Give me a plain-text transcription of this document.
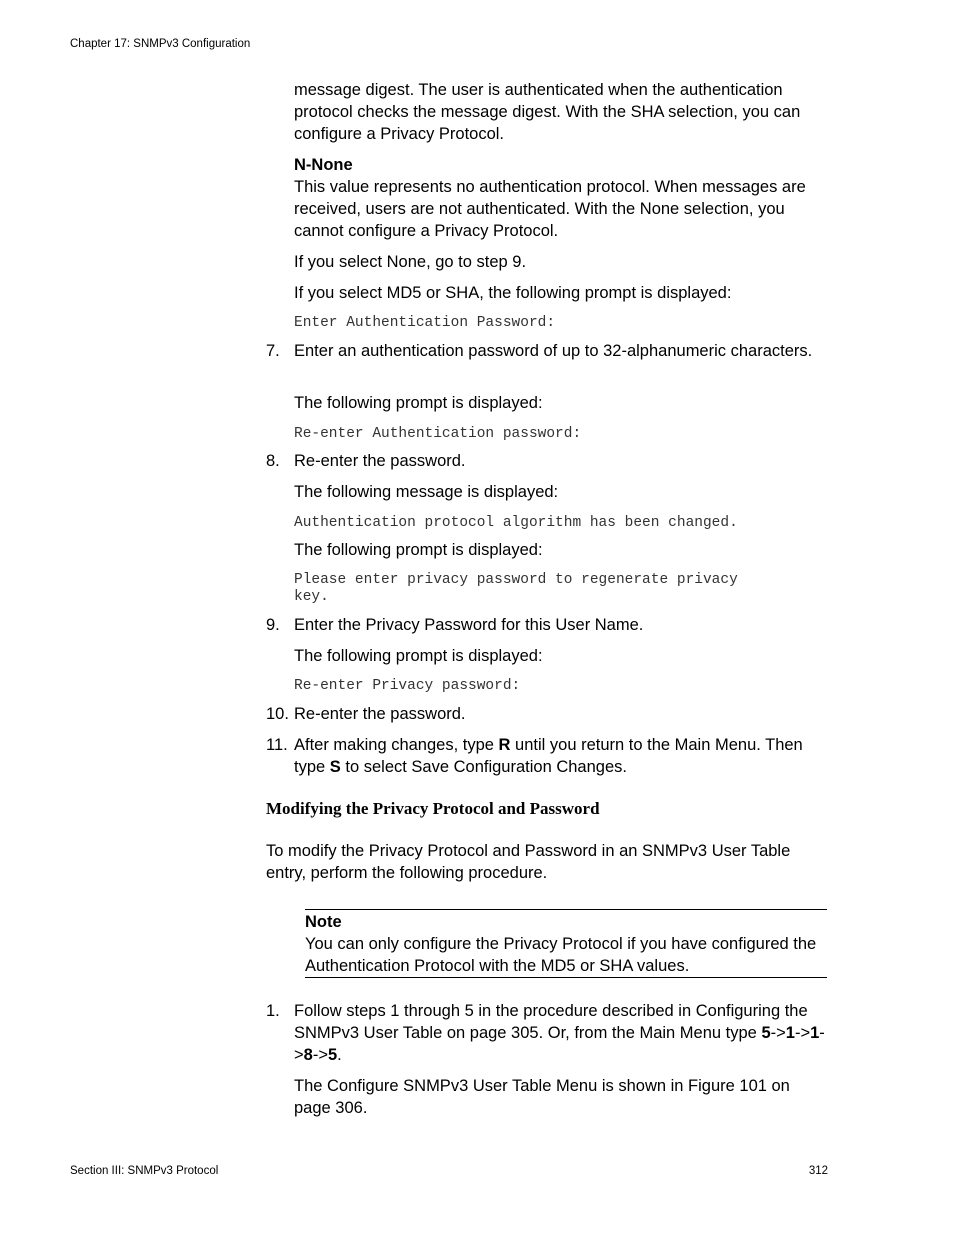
Chapter 17: SNMPv3 Configuration
message digest. The user is authenticated when the authentication protocol checks the message digest. With the SHA selection, you can configure a Privacy Protocol.
N-None
This value represents no authentication protocol. When messages are received, users are not authenticated. With the None selection, you cannot configure a Privacy Protocol.
If you select None, go to step 9.
If you select MD5 or SHA, the following prompt is displayed:
Enter Authentication Password:
7. Enter an authentication password of up to 32-alphanumeric characters.
The following prompt is displayed:
Re-enter Authentication password:
8. Re-enter the password.
The following message is displayed:
Authentication protocol algorithm has been changed.
The following prompt is displayed:
Please enter privacy password to regenerate privacy
key.
9. Enter the Privacy Password for this User Name.
The following prompt is displayed:
Re-enter Privacy password:
10. Re-enter the password.
11. After making changes, type R until you return to the Main Menu. Then type S to select Save Configuration Changes.
Modifying the Privacy Protocol and Password
To modify the Privacy Protocol and Password in an SNMPv3 User Table entry, perform the following procedure.
Note
You can only configure the Privacy Protocol if you have configured the Authentication Protocol with the MD5 or SHA values.
1. Follow steps 1 through 5 in the procedure described in Configuring the SNMPv3 User Table on page 305. Or, from the Main Menu type 5->1->1->8->5.
The Configure SNMPv3 User Table Menu is shown in Figure 101 on page 306.
Section III: SNMPv3 Protocol	312
